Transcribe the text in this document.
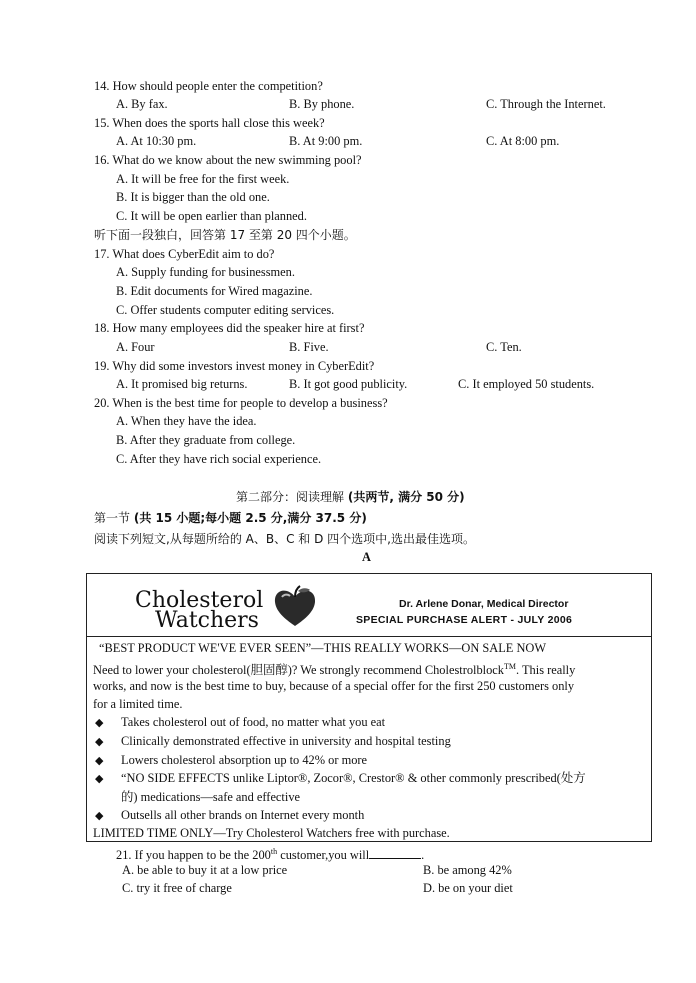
14. How should people enter the competition?
A. By fax.	B. By phone.	C. Through the Internet.
15. When does the sports hall close this week?
A. At 10:30 pm.	B. At 9:00 pm.	C. At 8:00 pm.
16. What do we know about the new swimming pool?
A. It will be free for the first week.
B. It is bigger than the old one.
C. It will be open earlier than planned.
听下面一段独白，回答第 17 至第 20 四个小题。
17. What does CyberEdit aim to do?
A. Supply funding for businessmen.
B. Edit documents for Wired magazine.
C. Offer students computer editing services.
18. How many employees did the speaker hire at first?
A. Four	B. Five.	C. Ten.
19. Why did some investors invest money in CyberEdit?
A. It promised big returns.	B. It got good publicity.	C. It employed 50 students.
20. When is the best time for people to develop a business?
A. When they have the idea.
B. After they graduate from college.
C. After they have rich social experience.
第二部分：阅读理解 (共两节, 满分 50 分)
第一节 (共 15 小题;每小题 2.5 分,满分 37.5 分)
阅读下列短文,从每题所给的 A、B、C 和 D 四个选项中,选出最佳选项。
A
Cholesterol
Watchers
Dr. Arlene Donar, Medical Director
SPECIAL PURCHASE ALERT - JULY 2006
“BEST PRODUCT WE'VE EVER SEEN”—THIS REALLY WORKS—ON SALE NOW
Need to lower your cholesterol(胆固醇)? We strongly recommend Cholestrolblock™. This really
works, and now is the best time to buy, because of a special offer for the first 250 customers only
for a limited time.
◆ Takes cholesterol out of food, no matter what you eat
◆ Clinically demonstrated effective in university and hospital testing
◆ Lowers cholesterol absorption up to 42% or more
◆ “NO SIDE EFFECTS unlike Liptor®, Zocor®, Crestor® & other commonly prescribed(处方
的) medications—safe and effective
◆ Outsells all other brands on Internet every month
LIMITED TIME ONLY—Try Cholesterol Watchers free with purchase.
21. If you happen to be the 200th customer,you will	.
A. be able to buy it at a low price	B. be among 42%
C. try it free of charge	D. be on your diet
